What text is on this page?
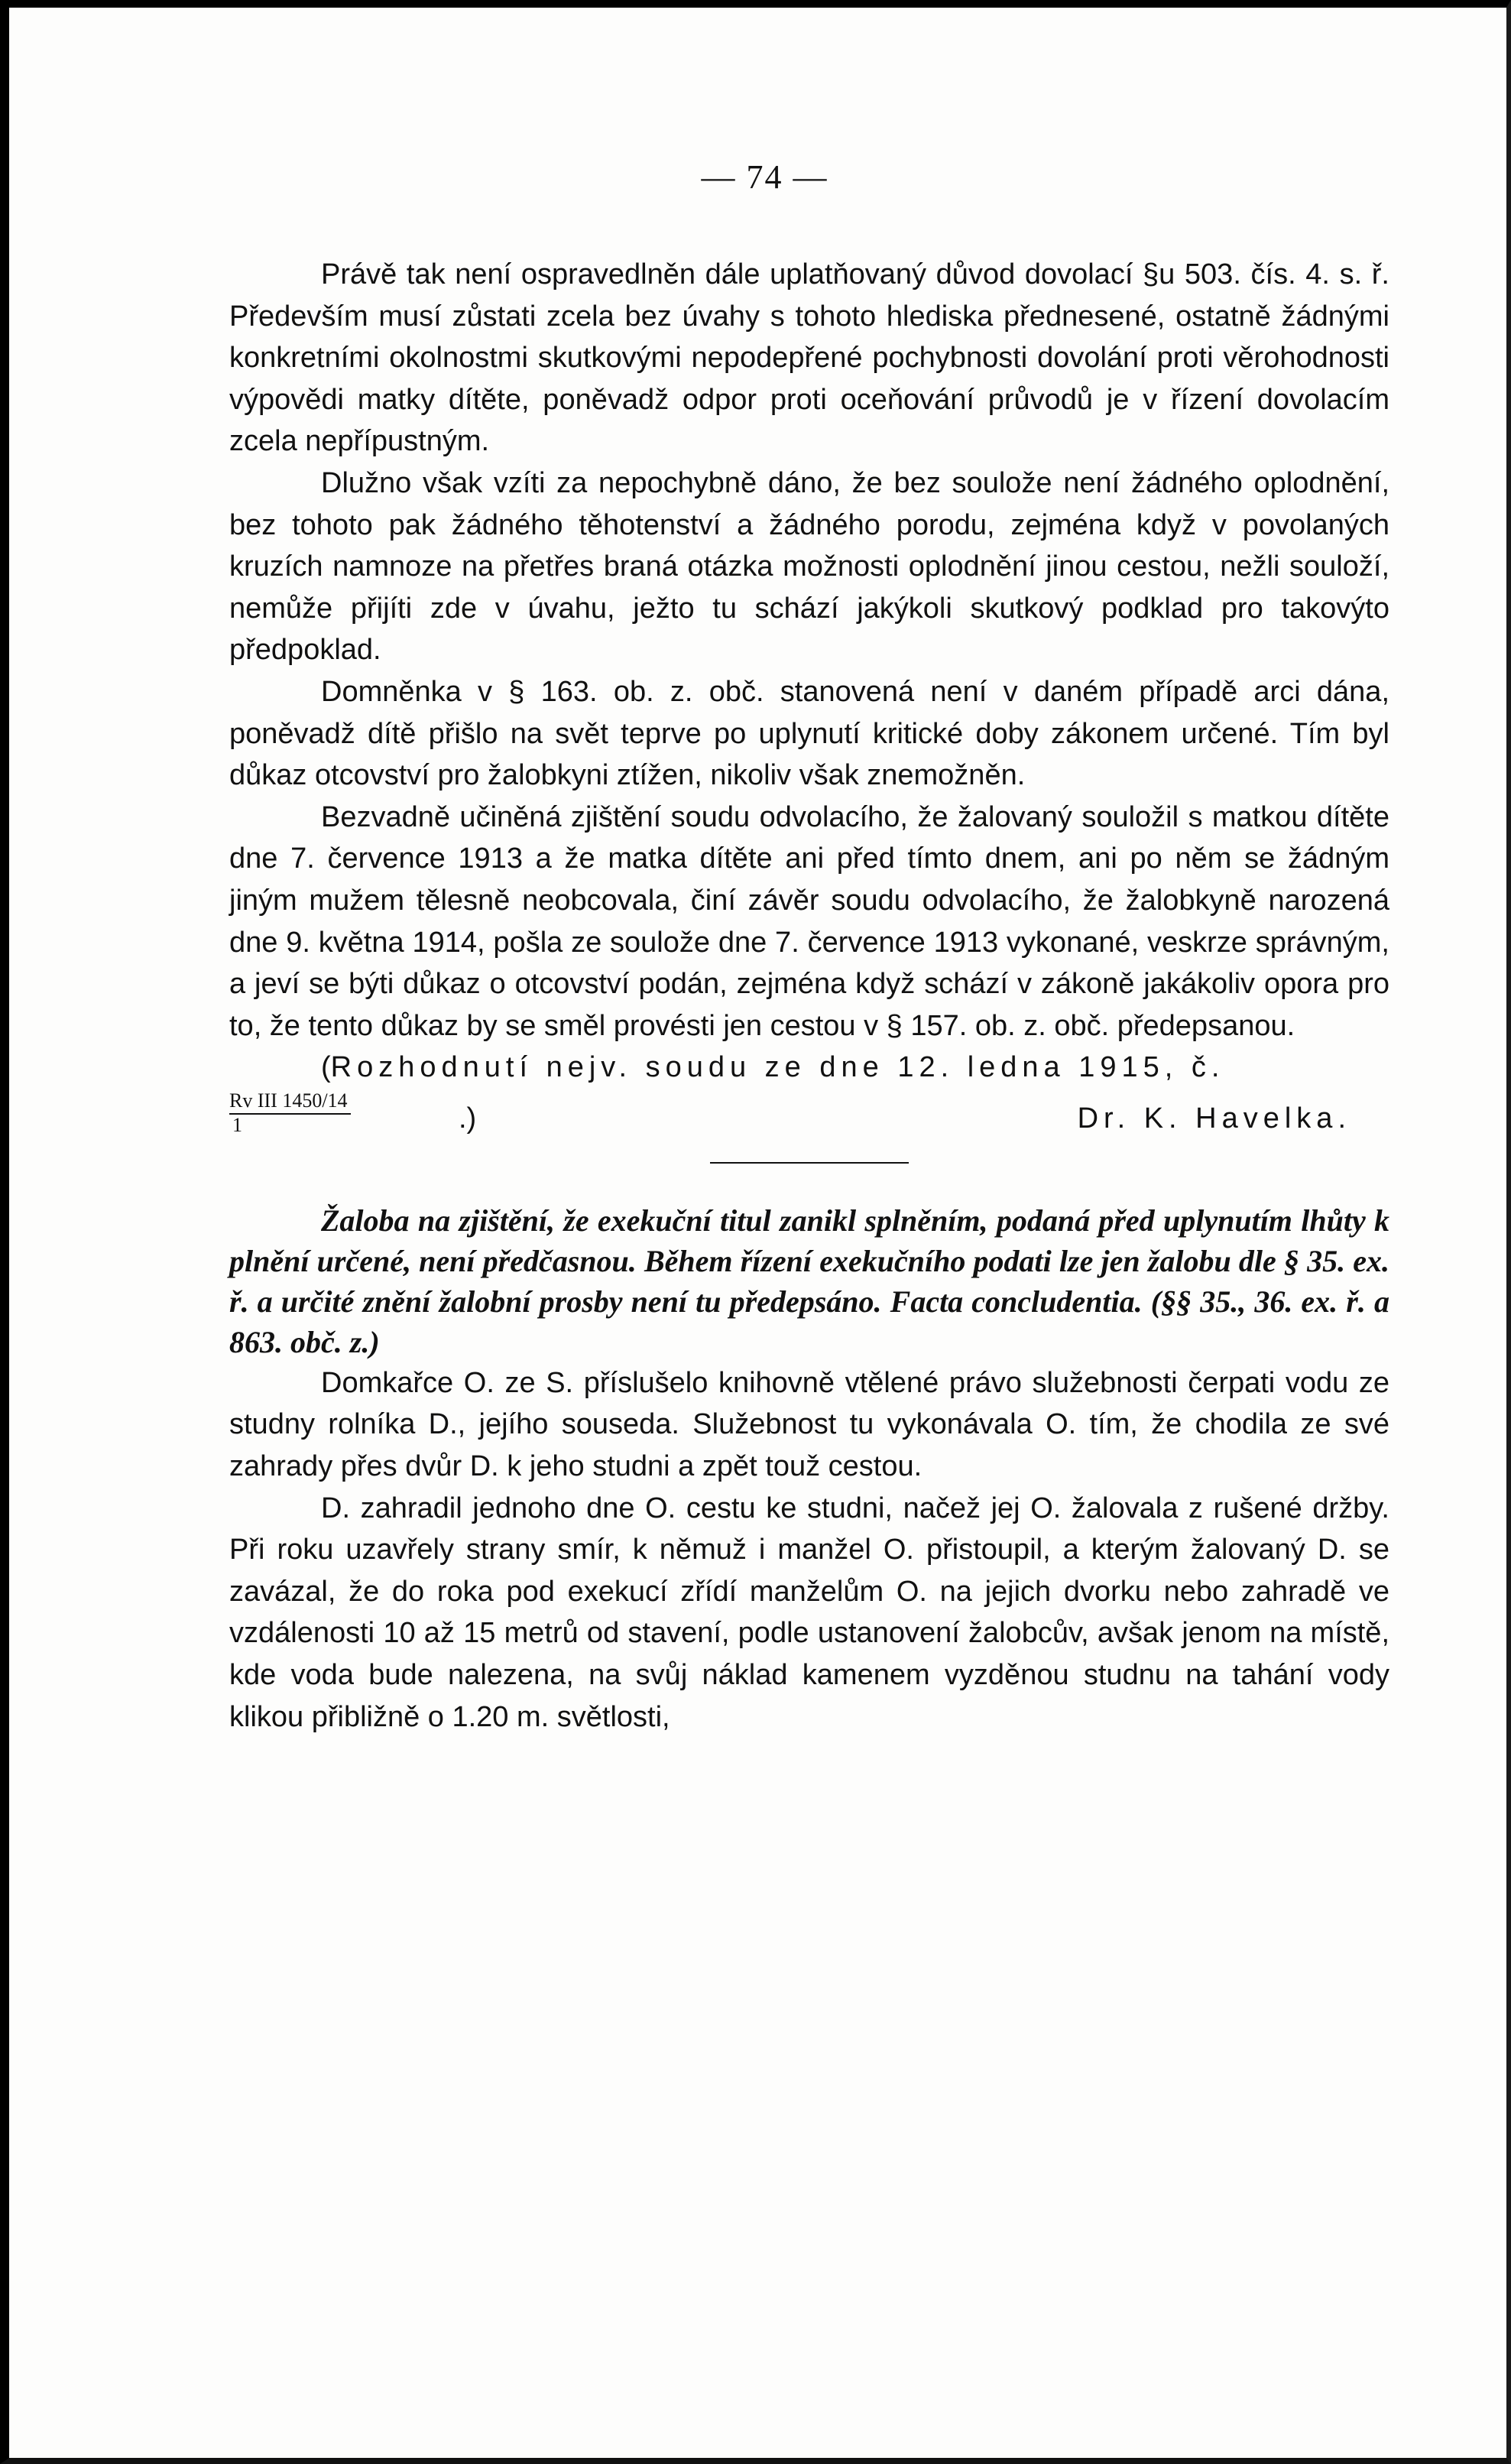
— 74 —

Právě tak není ospravedlněn dále uplatňovaný důvod dovolací §u 503. čís. 4. s. ř. Především musí zůstati zcela bez úvahy s tohoto hlediska přednesené, ostatně žádnými konkretními okolnostmi skutkovými nepodepřené pochybnosti dovolání proti věrohodnosti výpovědi matky dítěte, poněvadž odpor proti oceňování průvodů je v řízení dovolacím zcela nepřípustným.

Dlužno však vzíti za nepochybně dáno, že bez soulože není žádného oplodnění, bez tohoto pak žádného těhotenství a žádného porodu, zejména když v povolaných kruzích namnoze na přetřes braná otázka možnosti oplodnění jinou cestou, nežli souloží, nemůže přijíti zde v úvahu, ježto tu schází jakýkoli skutkový podklad pro takovýto předpoklad.

Domněnka v § 163. ob. z. obč. stanovená není v daném případě arci dána, poněvadž dítě přišlo na svět teprve po uplynutí kritické doby zákonem určené. Tím byl důkaz otcovství pro žalobkyni ztížen, nikoliv však znemožněn.

Bezvadně učiněná zjištění soudu odvolacího, že žalovaný souložil s matkou dítěte dne 7. července 1913 a že matka dítěte ani před tímto dnem, ani po něm se žádným jiným mužem tělesně neobcovala, činí závěr soudu odvolacího, že žalobkyně narozená dne 9. května 1914, pošla ze soulože dne 7. července 1913 vykonané, veskrze správným, a jeví se býti důkaz o otcovství podán, zejména když schází v zákoně jakákoliv opora pro to, že tento důkaz by se směl provésti jen cestou v § 157. ob. z. obč. předepsanou.

(Rozhodnutí nejv. soudu ze dne 12. ledna 1915, č.

Rv III 1450/14
1	.)	Dr. K. Havelka.

Žaloba na zjištění, že exekuční titul zanikl splněním, podaná před uplynutím lhůty k plnění určené, není předčasnou. Během řízení exekučního podati lze jen žalobu dle § 35. ex. ř. a určité znění žalobní prosby není tu předepsáno. Facta concludentia. (§§ 35., 36. ex. ř. a 863. obč. z.)

Domkařce O. ze S. příslušelo knihovně vtělené právo služebnosti čerpati vodu ze studny rolníka D., jejího souseda. Služebnost tu vykonávala O. tím, že chodila ze své zahrady přes dvůr D. k jeho studni a zpět touž cestou.

D. zahradil jednoho dne O. cestu ke studni, načež jej O. žalovala z rušené držby. Při roku uzavřely strany smír, k němuž i manžel O. přistoupil, a kterým žalovaný D. se zavázal, že do roka pod exekucí zřídí manželům O. na jejich dvorku nebo zahradě ve vzdálenosti 10 až 15 metrů od stavení, podle ustanovení žalobcův, avšak jenom na místě, kde voda bude nalezena, na svůj náklad kamenem vyzděnou studnu na tahání vody klikou přibližně o 1.20 m. světlosti,
